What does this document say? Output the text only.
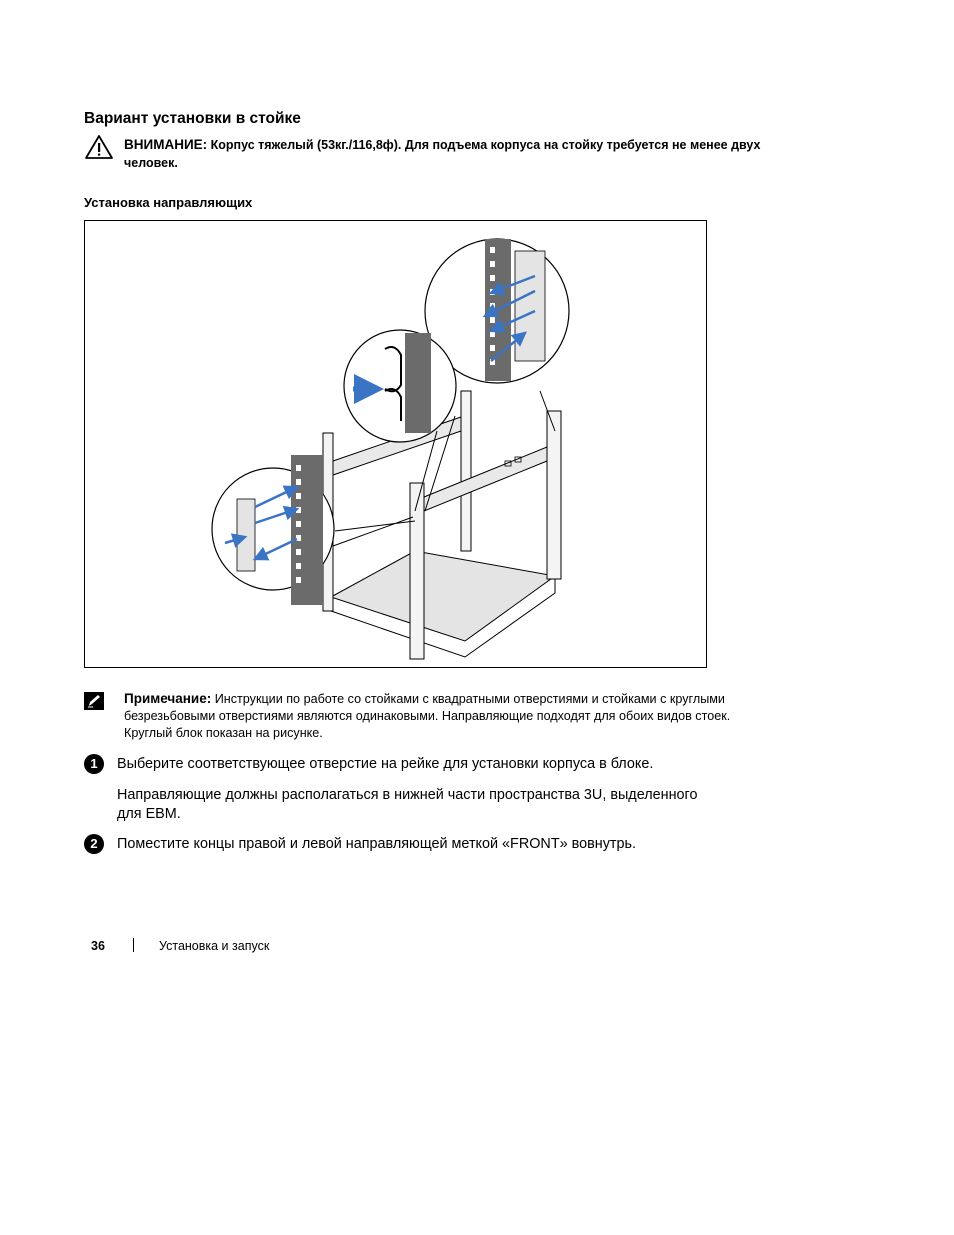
Вариант установки в стойке
ВНИМАНИЕ: Корпус тяжелый (53кг./116,8ф). Для подъема корпуса на стойку требуется не менее двух человек.
Установка направляющих
Примечание: Инструкции по работе со стойками с квадратными отверстиями и стойками с круглыми безрезьбовыми отверстиями являются одинаковыми. Направляющие подходят для обоих видов стоек. Круглый блок показан на рисунке.
1	Выберите соответствующее отверстие на рейке для установки корпуса в блоке.
Направляющие должны располагаться в нижней части пространства 3U, выделенного для EBM.
2	Поместите концы правой и левой направляющей меткой «FRONT» вовнутрь.
36	Установка и запуск
